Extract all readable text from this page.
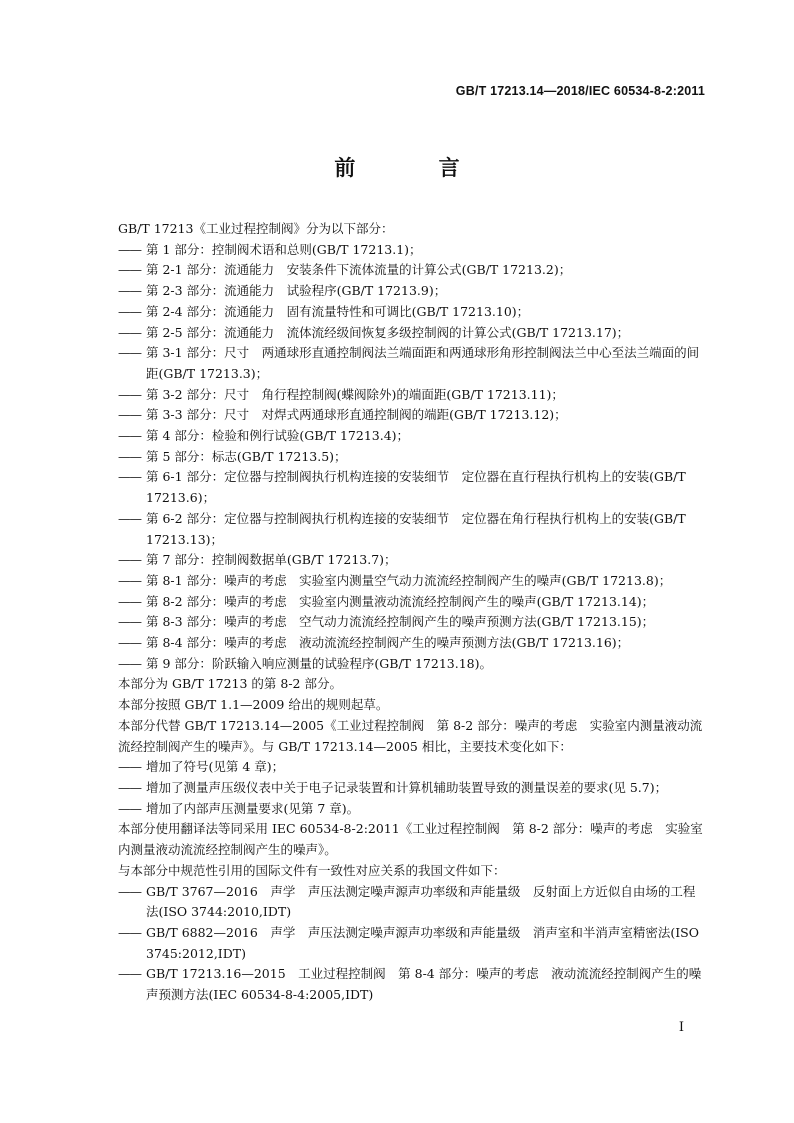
GB/T 17213.14—2018/IEC 60534-8-2:2011
前 言

GB/T 17213《工业过程控制阀》分为以下部分：

—— 第 1 部分：控制阀术语和总则(GB/T 17213.1)；
—— 第 2-1 部分：流通能力　安装条件下流体流量的计算公式(GB/T 17213.2)；
—— 第 2-3 部分：流通能力　试验程序(GB/T 17213.9)；
—— 第 2-4 部分：流通能力　固有流量特性和可调比(GB/T 17213.10)；
—— 第 2-5 部分：流通能力　流体流经级间恢复多级控制阀的计算公式(GB/T 17213.17)；
—— 第 3-1 部分：尺寸　两通球形直通控制阀法兰端面距和两通球形角形控制阀法兰中心至法兰端面的间距(GB/T 17213.3)；
—— 第 3-2 部分：尺寸　角行程控制阀(蝶阀除外)的端面距(GB/T 17213.11)；
—— 第 3-3 部分：尺寸　对焊式两通球形直通控制阀的端距(GB/T 17213.12)；
—— 第 4 部分：检验和例行试验(GB/T 17213.4)；
—— 第 5 部分：标志(GB/T 17213.5)；
—— 第 6-1 部分：定位器与控制阀执行机构连接的安装细节　定位器在直行程执行机构上的安装(GB/T 17213.6)；
—— 第 6-2 部分：定位器与控制阀执行机构连接的安装细节　定位器在角行程执行机构上的安装(GB/T 17213.13)；
—— 第 7 部分：控制阀数据单(GB/T 17213.7)；
—— 第 8-1 部分：噪声的考虑　实验室内测量空气动力流流经控制阀产生的噪声(GB/T 17213.8)；
—— 第 8-2 部分：噪声的考虑　实验室内测量液动流流经控制阀产生的噪声(GB/T 17213.14)；
—— 第 8-3 部分：噪声的考虑　空气动力流流经控制阀产生的噪声预测方法(GB/T 17213.15)；
—— 第 8-4 部分：噪声的考虑　液动流流经控制阀产生的噪声预测方法(GB/T 17213.16)；
—— 第 9 部分：阶跃输入响应测量的试验程序(GB/T 17213.18)。

本部分为 GB/T 17213 的第 8-2 部分。

本部分按照 GB/T 1.1—2009 给出的规则起草。

本部分代替 GB/T 17213.14—2005《工业过程控制阀　第 8-2 部分：噪声的考虑　实验室内测量液动流流经控制阀产生的噪声》。与 GB/T 17213.14—2005 相比，主要技术变化如下：

—— 增加了符号(见第 4 章)；
—— 增加了测量声压级仪表中关于电子记录装置和计算机辅助装置导致的测量误差的要求(见 5.7)；
—— 增加了内部声压测量要求(见第 7 章)。

本部分使用翻译法等同采用 IEC 60534-8-2:2011《工业过程控制阀　第 8-2 部分：噪声的考虑　实验室内测量液动流流经控制阀产生的噪声》。

与本部分中规范性引用的国际文件有一致性对应关系的我国文件如下：

—— GB/T 3767—2016　声学　声压法测定噪声源声功率级和声能量级　反射面上方近似自由场的工程法(ISO 3744:2010,IDT)
—— GB/T 6882—2016　声学　声压法测定噪声源声功率级和声能量级　消声室和半消声室精密法(ISO 3745:2012,IDT)
—— GB/T 17213.16—2015　工业过程控制阀　第 8-4 部分：噪声的考虑　液动流流经控制阀产生的噪声预测方法(IEC 60534-8-4:2005,IDT)
I
